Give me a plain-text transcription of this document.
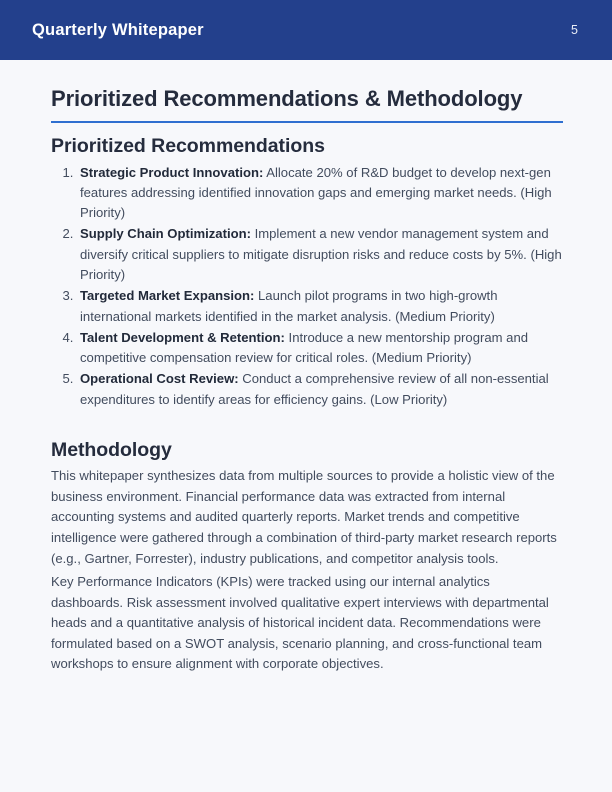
Quarterly Whitepaper	5
Prioritized Recommendations & Methodology
Prioritized Recommendations
1. Strategic Product Innovation: Allocate 20% of R&D budget to develop next-gen features addressing identified innovation gaps and emerging market needs. (High Priority)
2. Supply Chain Optimization: Implement a new vendor management system and diversify critical suppliers to mitigate disruption risks and reduce costs by 5%. (High Priority)
3. Targeted Market Expansion: Launch pilot programs in two high-growth international markets identified in the market analysis. (Medium Priority)
4. Talent Development & Retention: Introduce a new mentorship program and competitive compensation review for critical roles. (Medium Priority)
5. Operational Cost Review: Conduct a comprehensive review of all non-essential expenditures to identify areas for efficiency gains. (Low Priority)
Methodology

This whitepaper synthesizes data from multiple sources to provide a holistic view of the business environment. Financial performance data was extracted from internal accounting systems and audited quarterly reports. Market trends and competitive intelligence were gathered through a combination of third-party market research reports (e.g., Gartner, Forrester), industry publications, and competitor analysis tools.

Key Performance Indicators (KPIs) were tracked using our internal analytics dashboards. Risk assessment involved qualitative expert interviews with departmental heads and a quantitative analysis of historical incident data. Recommendations were formulated based on a SWOT analysis, scenario planning, and cross-functional team workshops to ensure alignment with corporate objectives.
